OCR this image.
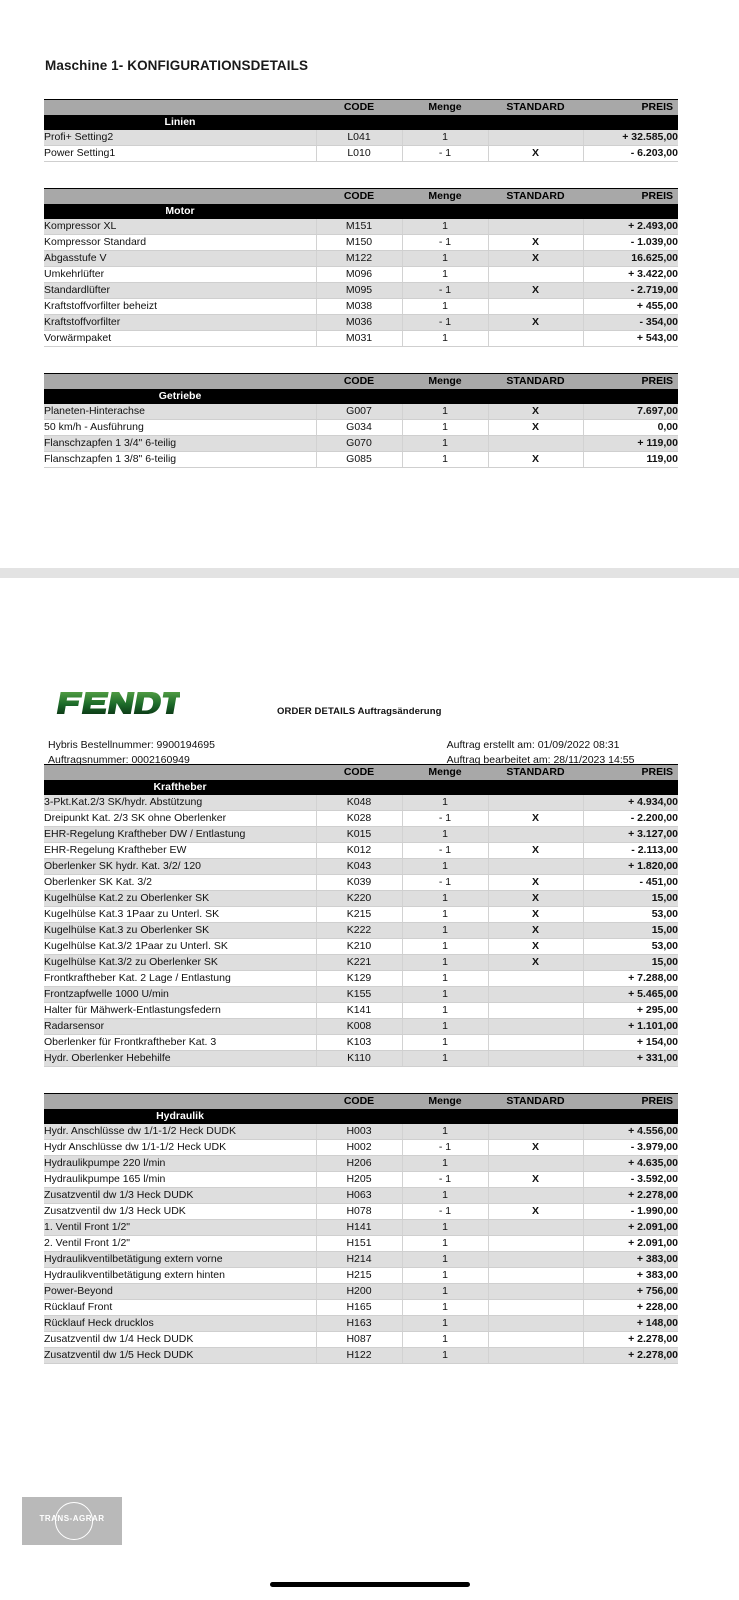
Maschine 1- KONFIGURATIONSDETAILS
	CODE	Menge	STANDARD	PREIS
Linien				
Profi+ Setting2	L041	1		+ 32.585,00
Power Setting1	L010	- 1	X	- 6.203,00
	CODE	Menge	STANDARD	PREIS
Motor				
Kompressor XL	M151	1		+ 2.493,00
Kompressor Standard	M150	- 1	X	- 1.039,00
Abgasstufe V	M122	1	X	16.625,00
Umkehrlüfter	M096	1		+ 3.422,00
Standardlüfter	M095	- 1	X	- 2.719,00
Kraftstoffvorfilter beheizt	M038	1		+ 455,00
Kraftstoffvorfilter	M036	- 1	X	- 354,00
Vorwärmpaket	M031	1		+ 543,00
	CODE	Menge	STANDARD	PREIS
Getriebe				
Planeten-Hinterachse	G007	1	X	7.697,00
50 km/h - Ausführung	G034	1	X	0,00
Flanschzapfen 1 3/4" 6-teilig	G070	1		+ 119,00
Flanschzapfen 1 3/8" 6-teilig	G085	1	X	119,00
ORDER DETAILS Auftragsänderung
Hybris Bestellnummer: 9900194695	Auftrag erstellt am: 01/09/2022 08:31
Auftragsnummer: 0002160949	Auftrag bearbeitet am: 28/11/2023 14:55
	CODE	Menge	STANDARD	PREIS
Kraftheber				
3-Pkt.Kat.2/3 SK/hydr. Abstützung	K048	1		+ 4.934,00
Dreipunkt Kat. 2/3 SK ohne Oberlenker	K028	- 1	X	- 2.200,00
EHR-Regelung Kraftheber DW / Entlastung	K015	1		+ 3.127,00
EHR-Regelung Kraftheber EW	K012	- 1	X	- 2.113,00
Oberlenker SK hydr. Kat. 3/2/ 120	K043	1		+ 1.820,00
Oberlenker SK Kat. 3/2	K039	- 1	X	- 451,00
Kugelhülse Kat.2 zu Oberlenker SK	K220	1	X	15,00
Kugelhülse Kat.3 1Paar zu Unterl. SK	K215	1	X	53,00
Kugelhülse Kat.3 zu Oberlenker SK	K222	1	X	15,00
Kugelhülse Kat.3/2 1Paar zu Unterl. SK	K210	1	X	53,00
Kugelhülse Kat.3/2 zu Oberlenker SK	K221	1	X	15,00
Frontkraftheber Kat. 2 Lage / Entlastung	K129	1		+ 7.288,00
Frontzapfwelle 1000 U/min	K155	1		+ 5.465,00
Halter für Mähwerk-Entlastungsfedern	K141	1		+ 295,00
Radarsensor	K008	1		+ 1.101,00
Oberlenker für Frontkraftheber Kat. 3	K103	1		+ 154,00
Hydr. Oberlenker Hebehilfe	K110	1		+ 331,00
	CODE	Menge	STANDARD	PREIS
Hydraulik				
Hydr. Anschlüsse dw 1/1-1/2 Heck DUDK	H003	1		+ 4.556,00
Hydr Anschlüsse dw 1/1-1/2 Heck UDK	H002	- 1	X	- 3.979,00
Hydraulikpumpe 220 l/min	H206	1		+ 4.635,00
Hydraulikpumpe 165 l/min	H205	- 1	X	- 3.592,00
Zusatzventil dw 1/3 Heck DUDK	H063	1		+ 2.278,00
Zusatzventil dw 1/3 Heck UDK	H078	- 1	X	- 1.990,00
1. Ventil Front 1/2"	H141	1		+ 2.091,00
2. Ventil Front 1/2"	H151	1		+ 2.091,00
Hydraulikventilbetätigung extern vorne	H214	1		+ 383,00
Hydraulikventilbetätigung extern hinten	H215	1		+ 383,00
Power-Beyond	H200	1		+ 756,00
Rücklauf Front	H165	1		+ 228,00
Rücklauf Heck drucklos	H163	1		+ 148,00
Zusatzventil dw 1/4 Heck DUDK	H087	1		+ 2.278,00
Zusatzventil dw 1/5 Heck DUDK	H122	1		+ 2.278,00
TRANS-AGRAR
